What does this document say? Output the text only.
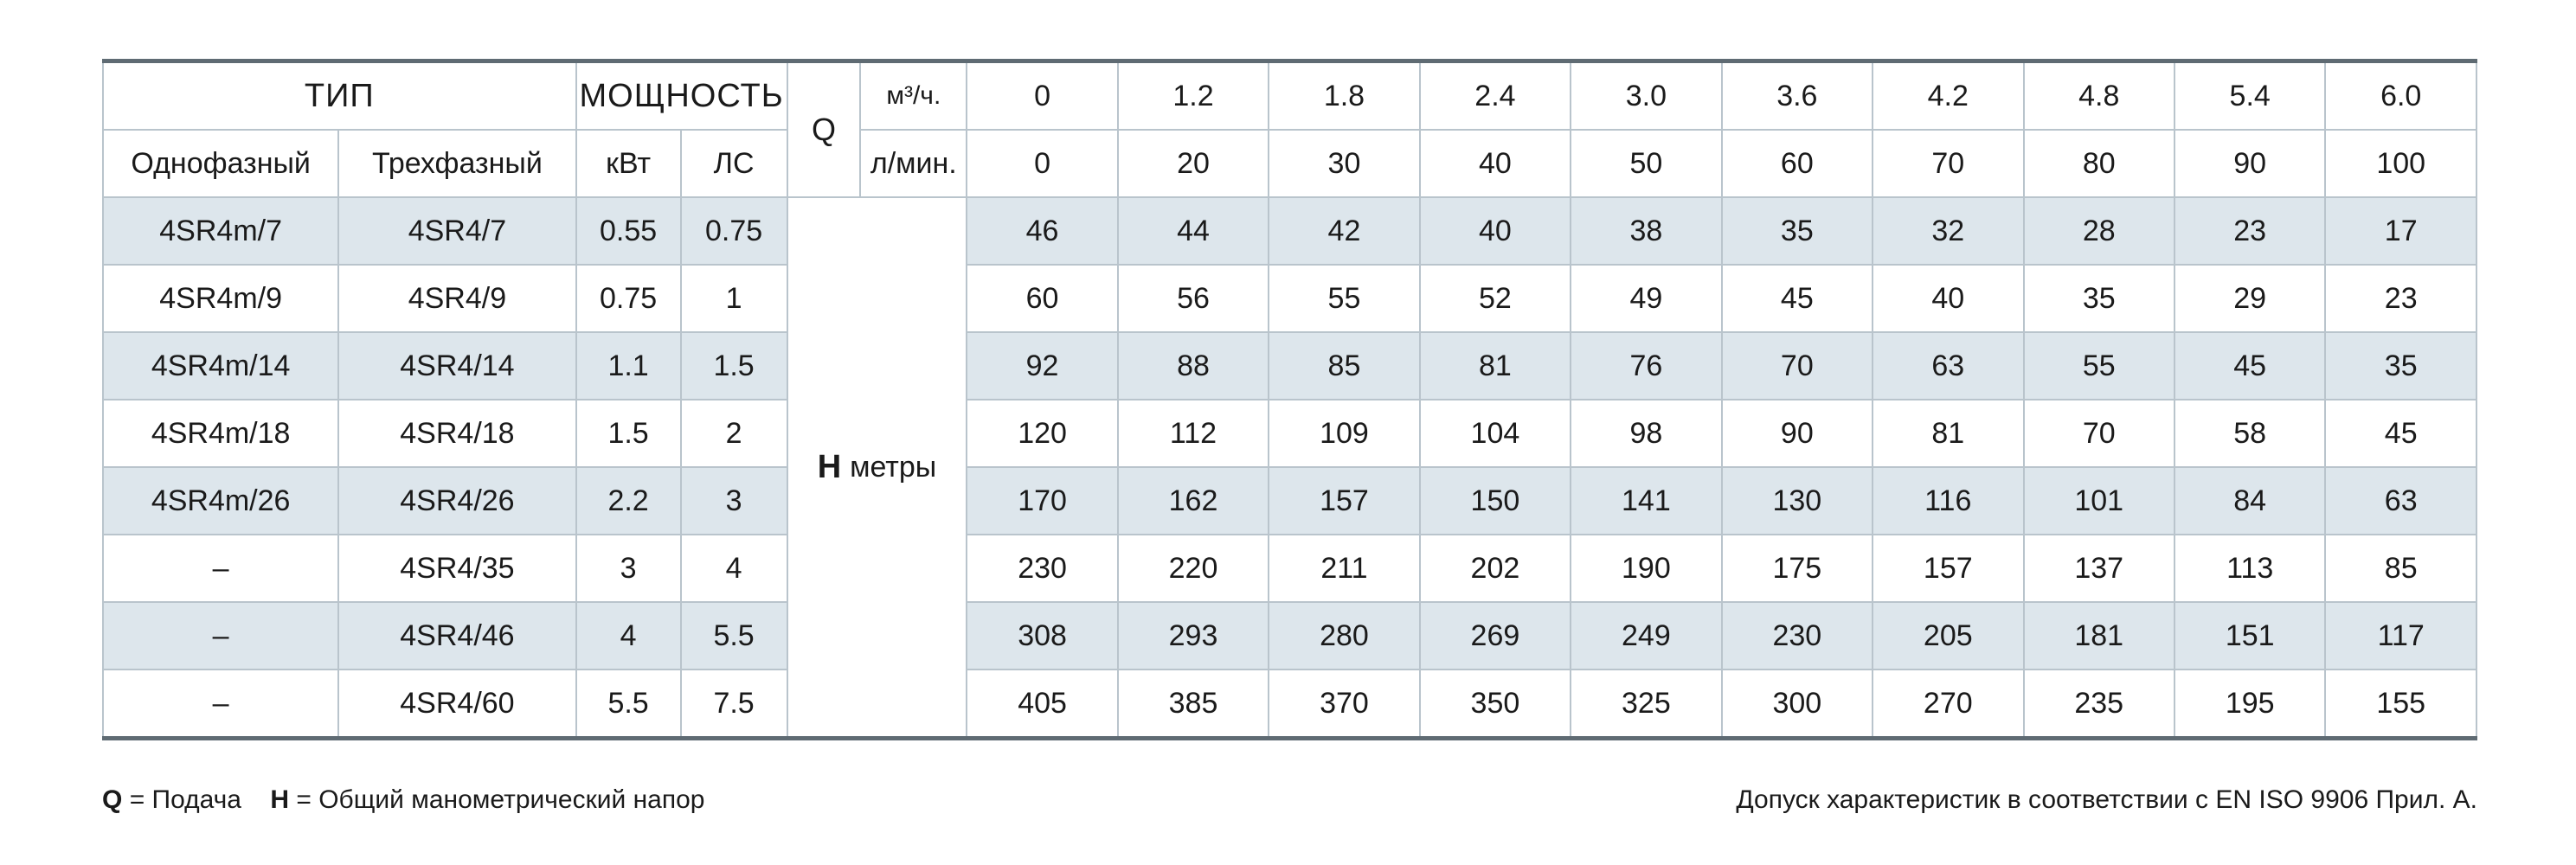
ТИП		МОЩНОСТЬ		Q	м³/ч.	0	1.2	1.8	2.4	3.0	3.6	4.2	4.8	5.4	6.0
Однофазный	Трехфазный	кВт	ЛС		л/мин.	0	20	30	40	50	60	70	80	90	100
4SR4m/7	4SR4/7	0.55	0.75	H метры		46	44	42	40	38	35	32	28	23	17
4SR4m/9	4SR4/9	0.75	1			60	56	55	52	49	45	40	35	29	23
4SR4m/14	4SR4/14	1.1	1.5			92	88	85	81	76	70	63	55	45	35
4SR4m/18	4SR4/18	1.5	2			120	112	109	104	98	90	81	70	58	45
4SR4m/26	4SR4/26	2.2	3			170	162	157	150	141	130	116	101	84	63
–	4SR4/35	3	4			230	220	211	202	190	175	157	137	113	85
–	4SR4/46	4	5.5			308	293	280	269	249	230	205	181	151	117
–	4SR4/60	5.5	7.5			405	385	370	350	325	300	270	235	195	155
Q = Подача H = Общий манометрический напор	Допуск характеристик в соответствии с EN ISO 9906 Прил. А.
